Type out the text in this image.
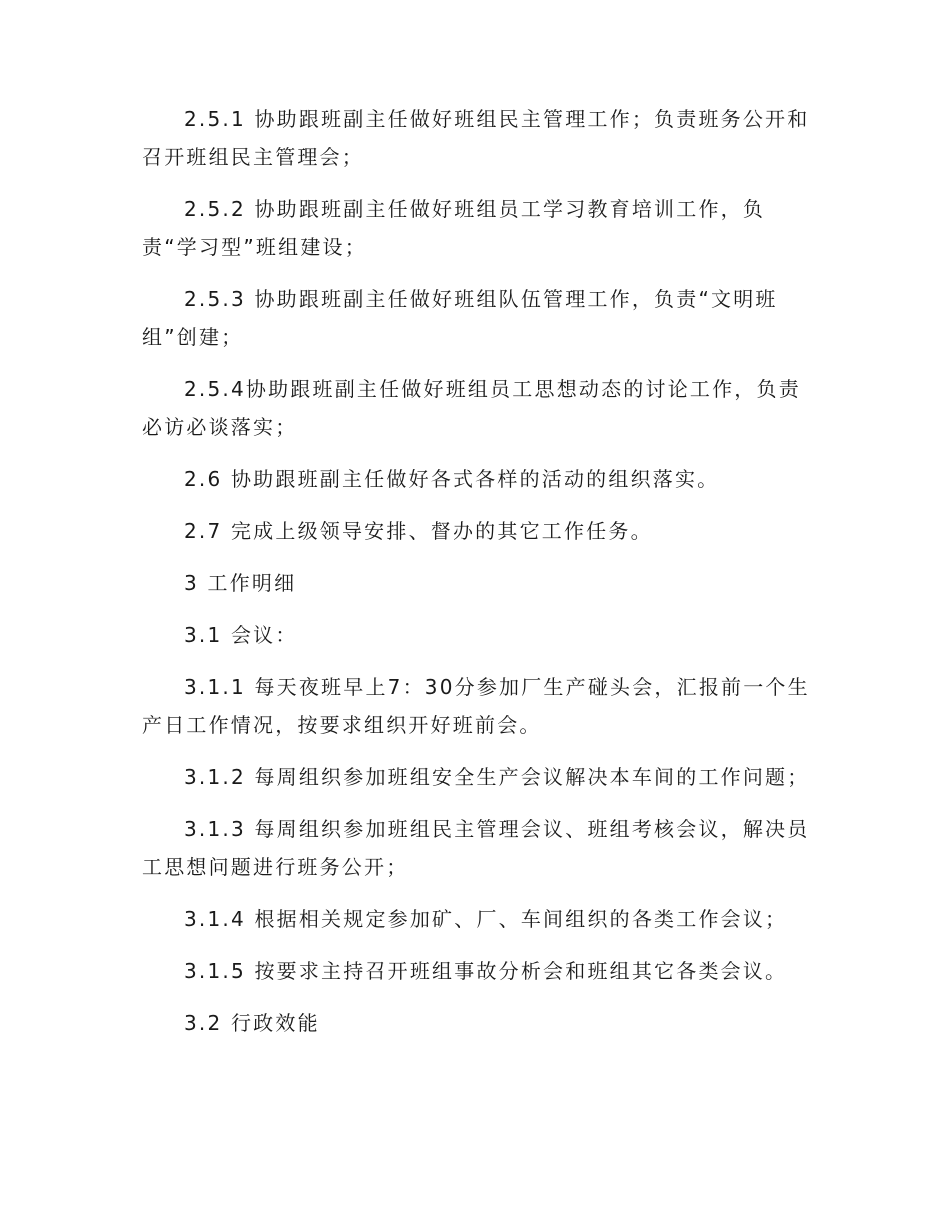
2.5.1 协助跟班副主任做好班组民主管理工作；负责班务公开和召开班组民主管理会；

2.5.2 协助跟班副主任做好班组员工学习教育培训工作，负责“学习型”班组建设；

2.5.3 协助跟班副主任做好班组队伍管理工作，负责“文明班组”创建；

2.5.4协助跟班副主任做好班组员工思想动态的讨论工作，负责必访必谈落实；

2.6 协助跟班副主任做好各式各样的活动的组织落实。

2.7 完成上级领导安排、督办的其它工作任务。

3 工作明细

3.1 会议：

3.1.1 每天夜班早上7：30分参加厂生产碰头会，汇报前一个生产日工作情况，按要求组织开好班前会。

3.1.2 每周组织参加班组安全生产会议解决本车间的工作问题；

3.1.3 每周组织参加班组民主管理会议、班组考核会议，解决员工思想问题进行班务公开；

3.1.4 根据相关规定参加矿、厂、车间组织的各类工作会议；

3.1.5 按要求主持召开班组事故分析会和班组其它各类会议。

3.2 行政效能
